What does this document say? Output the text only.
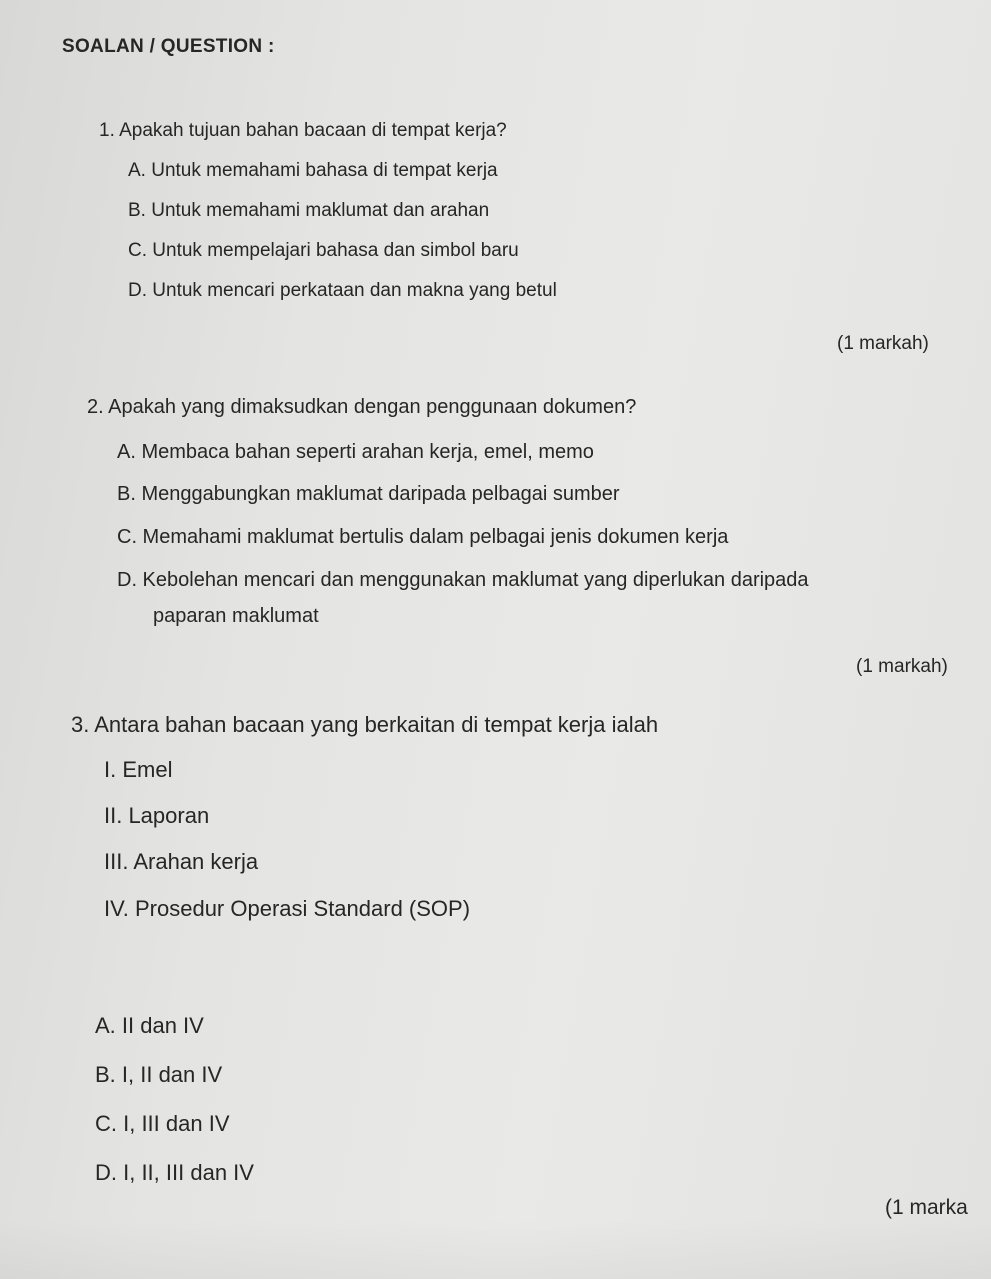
SOALAN / QUESTION :
1. Apakah tujuan bahan bacaan di tempat kerja?
A. Untuk memahami bahasa di tempat kerja
B. Untuk memahami maklumat dan arahan
C. Untuk mempelajari bahasa dan simbol baru
D. Untuk mencari perkataan dan makna yang betul
(1 markah)
2. Apakah yang dimaksudkan dengan penggunaan dokumen?
A. Membaca bahan seperti arahan kerja, emel, memo
B. Menggabungkan maklumat daripada pelbagai sumber
C. Memahami maklumat bertulis dalam pelbagai jenis dokumen kerja
D. Kebolehan mencari dan menggunakan maklumat yang diperlukan daripada
paparan maklumat
(1 markah)
3. Antara bahan bacaan yang berkaitan di tempat kerja ialah
I. Emel
II. Laporan
III. Arahan kerja
IV. Prosedur Operasi Standard (SOP)
A. II dan IV
B. I, II dan IV
C. I, III dan IV
D. I, II, III dan IV
(1 marka
